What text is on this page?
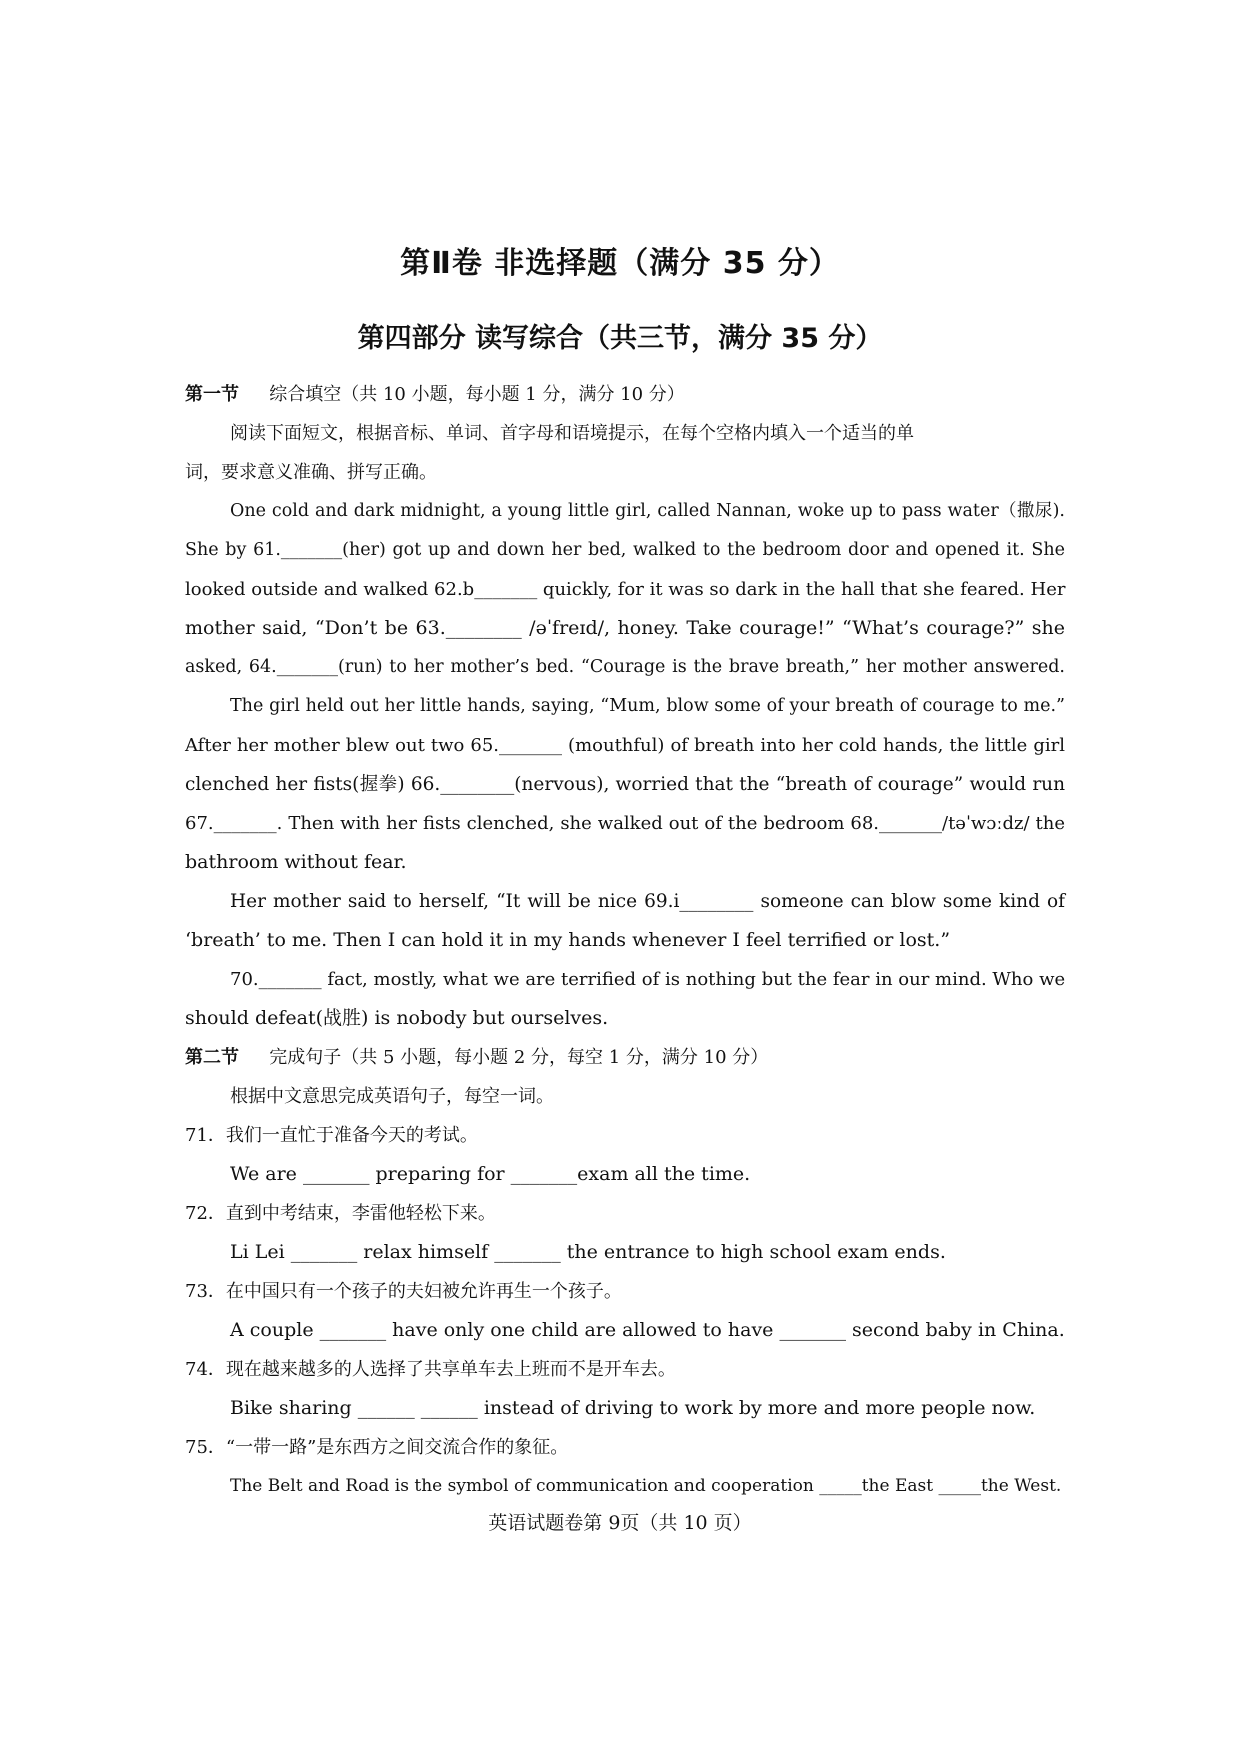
第Ⅱ卷 非选择题（满分 35 分）
第四部分 读写综合（共三节，满分 35 分）
第一节 综合填空（共 10 小题，每小题 1 分，满分 10 分）
阅读下面短文，根据音标、单词、首字母和语境提示，在每个空格内填入一个适当的单
词，要求意义准确、拼写正确。
One cold and dark midnight, a young little girl, called Nannan, woke up to pass water（撒尿).
She by 61._______(her) got up and down her bed, walked to the bedroom door and opened it. She
looked outside and walked 62.b_______ quickly, for it was so dark in the hall that she feared. Her
mother said, “Don’t be 63.________ /əˈfreɪd/, honey. Take courage!” “What’s courage?” she
asked, 64._______(run) to her mother’s bed. “Courage is the brave breath,” her mother answered.
The girl held out her little hands, saying, “Mum, blow some of your breath of courage to me.”
After her mother blew out two 65._______ (mouthful) of breath into her cold hands, the little girl
clenched her fists(握拳) 66.________(nervous), worried that the “breath of courage” would run
67._______. Then with her fists clenched, she walked out of the bedroom 68._______/təˈwɔːdz/ the
bathroom without fear.
Her mother said to herself, “It will be nice 69.i________ someone can blow some kind of
‘breath’ to me. Then I can hold it in my hands whenever I feel terrified or lost.”
70._______ fact, mostly, what we are terrified of is nothing but the fear in our mind. Who we
should defeat(战胜) is nobody but ourselves.
第二节 完成句子（共 5 小题，每小题 2 分，每空 1 分，满分 10 分）
根据中文意思完成英语句子，每空一词。
71．我们一直忙于准备今天的考试。
We are _______ preparing for _______exam all the time.
72．直到中考结束，李雷他轻松下来。
Li Lei _______ relax himself _______ the entrance to high school exam ends.
73．在中国只有一个孩子的夫妇被允许再生一个孩子。
A couple _______ have only one child are allowed to have _______ second baby in China.
74．现在越来越多的人选择了共享单车去上班而不是开车去。
Bike sharing ______ ______ instead of driving to work by more and more people now.
75．“一带一路”是东西方之间交流合作的象征。
The Belt and Road is the symbol of communication and cooperation _____the East _____the West.
英语试题卷第 9页（共 10 页）
